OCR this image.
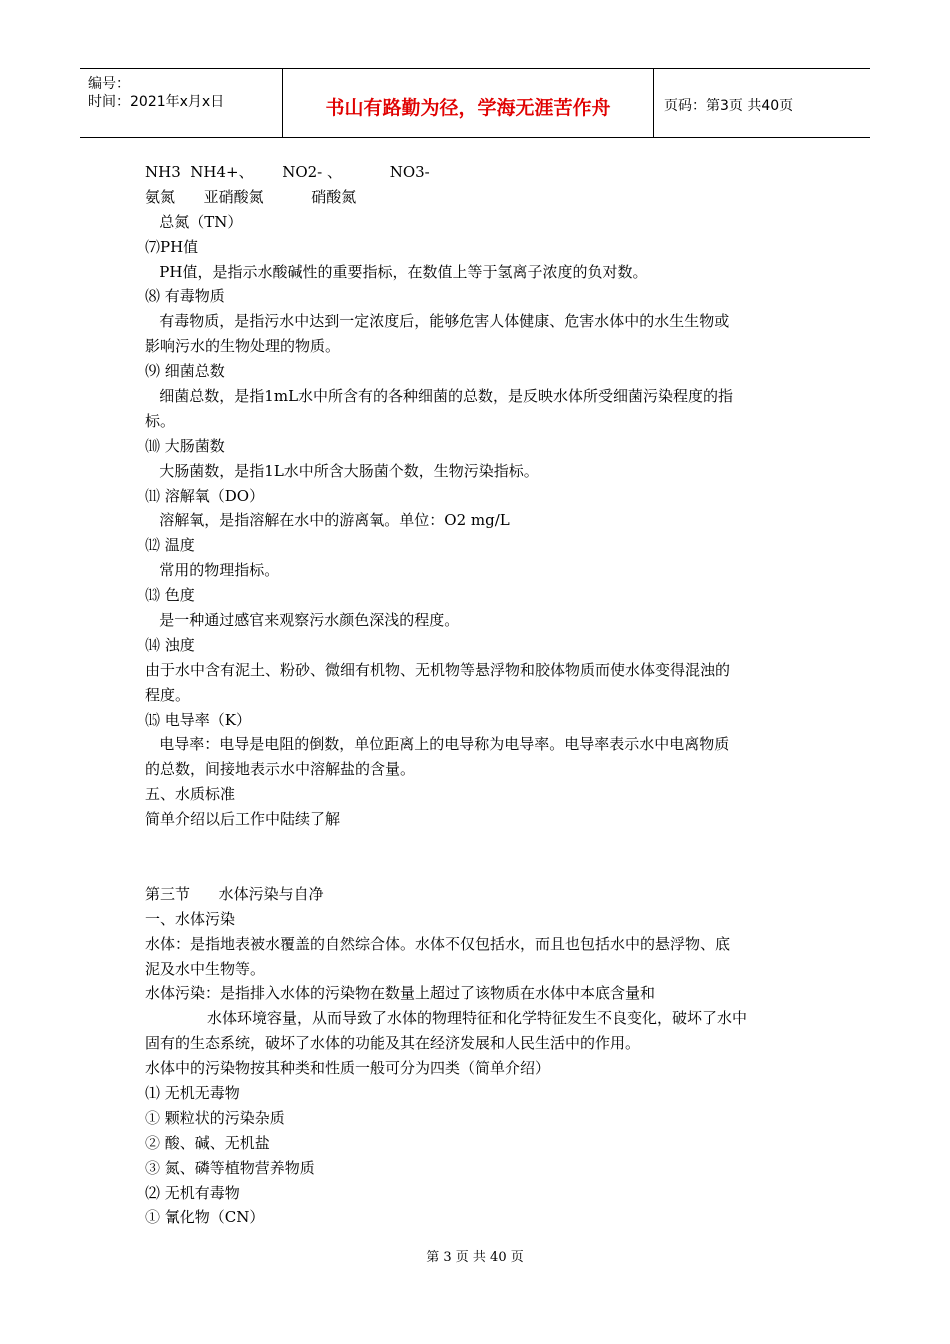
编号：
时间：2021年x月x日	书山有路勤为径，学海无涯苦作舟	页码：第3页 共40页
NH3  NH4+、      NO2- 、          NO3-
氨氮      亚硝酸氮          硝酸氮
总氮（TN）
⑺PH值
PH值，是指示水酸碱性的重要指标，在数值上等于氢离子浓度的负对数。
⑻ 有毒物质
有毒物质，是指污水中达到一定浓度后，能够危害人体健康、危害水体中的水生生物或
影响污水的生物处理的物质。
⑼ 细菌总数
细菌总数，是指1mL水中所含有的各种细菌的总数，是反映水体所受细菌污染程度的指
标。
⑽ 大肠菌数
大肠菌数，是指1L水中所含大肠菌个数，生物污染指标。
⑾ 溶解氧（DO）
溶解氧，是指溶解在水中的游离氧。单位：O2 mg/L
⑿ 温度
常用的物理指标。
⒀ 色度
是一种通过感官来观察污水颜色深浅的程度。
⒁ 浊度
由于水中含有泥土、粉砂、微细有机物、无机物等悬浮物和胶体物质而使水体变得混浊的
程度。
⒂ 电导率（K）
电导率：电导是电阻的倒数，单位距离上的电导称为电导率。电导率表示水中电离物质
的总数，间接地表示水中溶解盐的含量。
五、水质标准
简单介绍以后工作中陆续了解
第三节      水体污染与自净
一、水体污染
水体：是指地表被水覆盖的自然综合体。水体不仅包括水，而且也包括水中的悬浮物、底
泥及水中生物等。
水体污染：是指排入水体的污染物在数量上超过了该物质在水体中本底含量和
水体环境容量，从而导致了水体的物理特征和化学特征发生不良变化，破坏了水中
固有的生态系统，破坏了水体的功能及其在经济发展和人民生活中的作用。
水体中的污染物按其种类和性质一般可分为四类（简单介绍）
⑴ 无机无毒物
① 颗粒状的污染杂质
② 酸、碱、无机盐
③ 氮、磷等植物营养物质
⑵ 无机有毒物
① 氰化物（CN）
第 3 页 共 40 页
